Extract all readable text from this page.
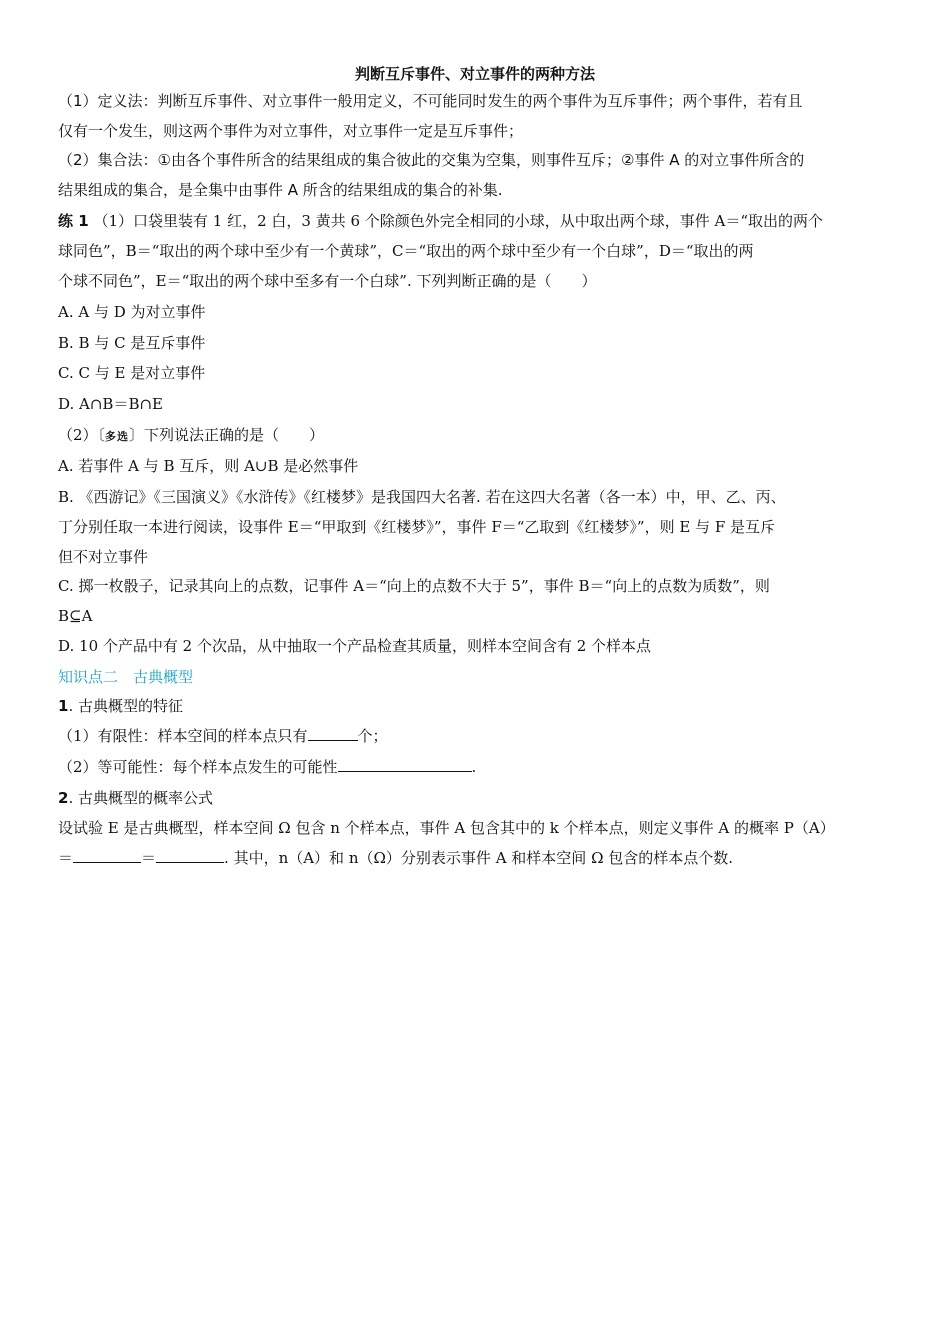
判断互斥事件、对立事件的两种方法
（1）定义法：判断互斥事件、对立事件一般用定义，不可能同时发生的两个事件为互斥事件；两个事件，若有且
仅有一个发生，则这两个事件为对立事件，对立事件一定是互斥事件；
（2）集合法：①由各个事件所含的结果组成的集合彼此的交集为空集，则事件互斥；②事件 A 的对立事件所含的
结果组成的集合，是全集中由事件 A 所含的结果组成的集合的补集.
练 1 （1）口袋里装有 1 红，2 白，3 黄共 6 个除颜色外完全相同的小球，从中取出两个球，事件 A＝“取出的两个
球同色”，B＝“取出的两个球中至少有一个黄球”，C＝“取出的两个球中至少有一个白球”，D＝“取出的两
个球不同色”，E＝“取出的两个球中至多有一个白球”. 下列判断正确的是（　　）
A. A 与 D 为对立事件
B. B 与 C 是互斥事件
C. C 与 E 是对立事件
D. A∩B＝B∩E
（2）〔多选〕下列说法正确的是（　　）
A. 若事件 A 与 B 互斥，则 A∪B 是必然事件
B. 《西游记》《三国演义》《水浒传》《红楼梦》是我国四大名著. 若在这四大名著（各一本）中，甲、乙、丙、
丁分别任取一本进行阅读，设事件 E＝“甲取到《红楼梦》”，事件 F＝“乙取到《红楼梦》”，则 E 与 F 是互斥
但不对立事件
C. 掷一枚骰子，记录其向上的点数，记事件 A＝“向上的点数不大于 5”，事件 B＝“向上的点数为质数”，则
B⊆A
D. 10 个产品中有 2 个次品，从中抽取一个产品检查其质量，则样本空间含有 2 个样本点
知识点二　古典概型
1. 古典概型的特征
（1）有限性：样本空间的样本点只有	个；
（2）等可能性：每个样本点发生的可能性	.
2. 古典概型的概率公式
设试验 E 是古典概型，样本空间 Ω 包含 n 个样本点，事件 A 包含其中的 k 个样本点，则定义事件 A 的概率 P（A）
＝	＝	. 其中，n（A）和 n（Ω）分别表示事件 A 和样本空间 Ω 包含的样本点个数.
